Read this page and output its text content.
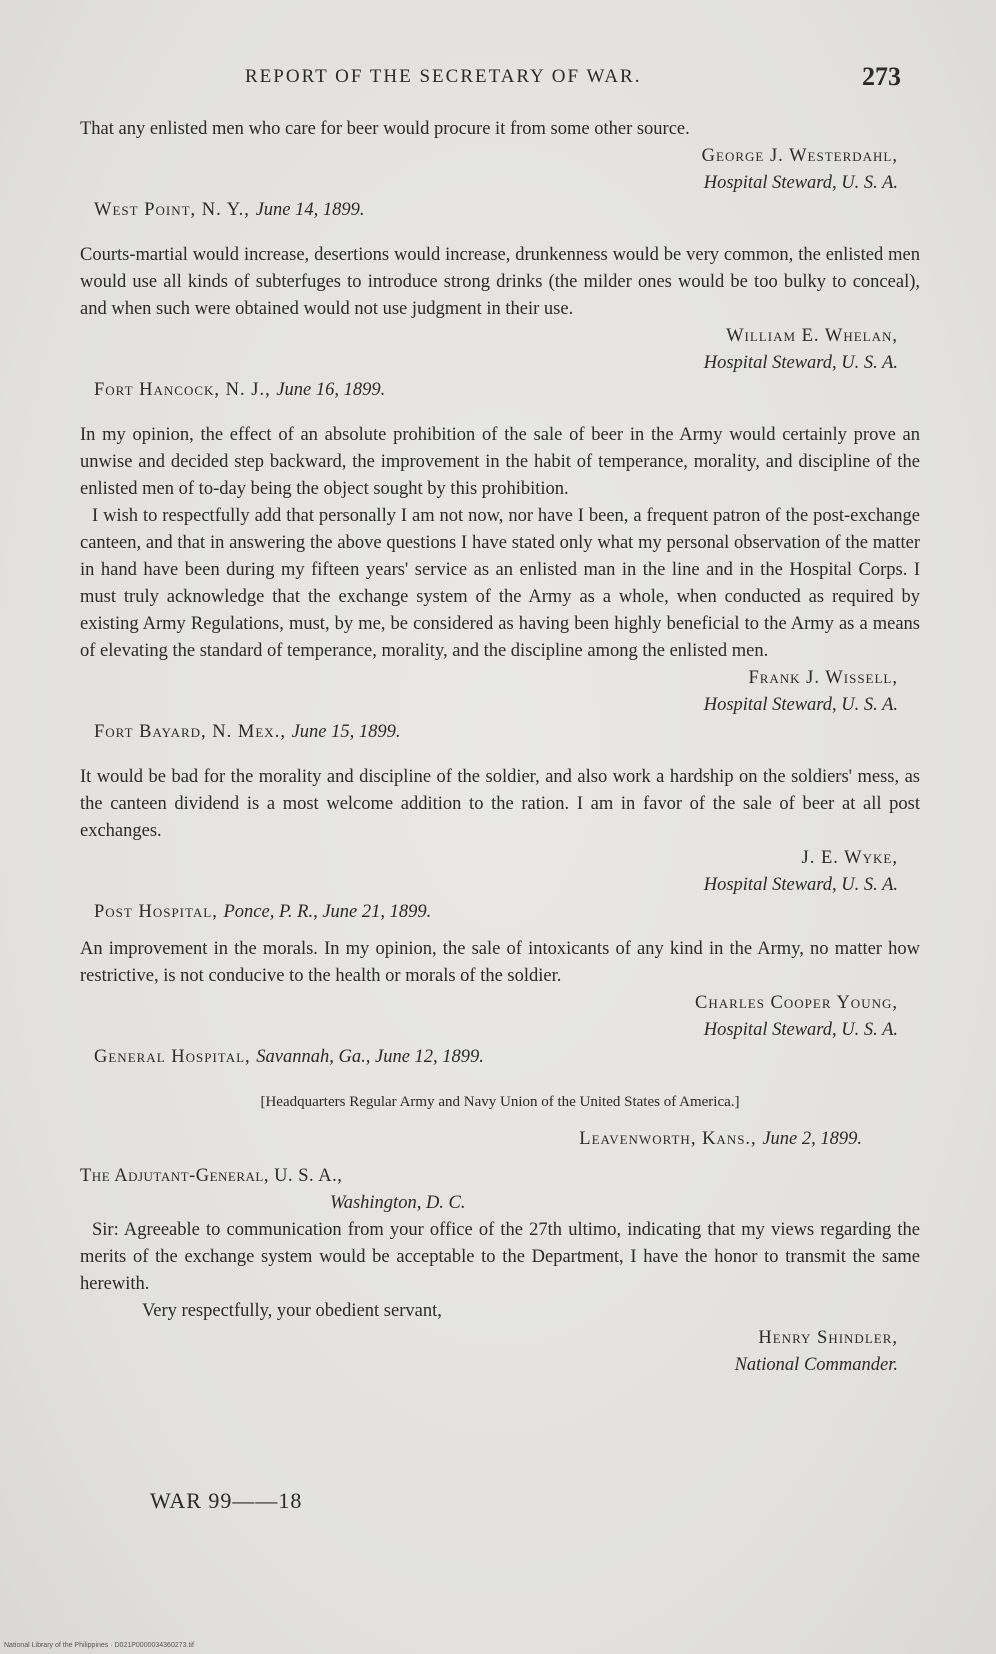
REPORT OF THE SECRETARY OF WAR.	273

That any enlisted men who care for beer would procure it from some other source.

George J. Westerdahl,
Hospital Steward, U. S. A.
West Point, N. Y., June 14, 1899.

Courts-martial would increase, desertions would increase, drunkenness would be very common, the enlisted men would use all kinds of subterfuges to introduce strong drinks (the milder ones would be too bulky to conceal), and when such were obtained would not use judgment in their use.

William E. Whelan,
Hospital Steward, U. S. A.
Fort Hancock, N. J., June 16, 1899.

In my opinion, the effect of an absolute prohibition of the sale of beer in the Army would certainly prove an unwise and decided step backward, the improvement in the habit of temperance, morality, and discipline of the enlisted men of to-day being the object sought by this prohibition.

I wish to respectfully add that personally I am not now, nor have I been, a frequent patron of the post-exchange canteen, and that in answering the above questions I have stated only what my personal observation of the matter in hand have been during my fifteen years' service as an enlisted man in the line and in the Hospital Corps. I must truly acknowledge that the exchange system of the Army as a whole, when conducted as required by existing Army Regulations, must, by me, be considered as having been highly beneficial to the Army as a means of elevating the standard of temperance, morality, and the discipline among the enlisted men.

Frank J. Wissell,
Hospital Steward, U. S. A.
Fort Bayard, N. Mex., June 15, 1899.

It would be bad for the morality and discipline of the soldier, and also work a hardship on the soldiers' mess, as the canteen dividend is a most welcome addition to the ration. I am in favor of the sale of beer at all post exchanges.

J. E. Wyke,
Hospital Steward, U. S. A.
Post Hospital, Ponce, P. R., June 21, 1899.

An improvement in the morals. In my opinion, the sale of intoxicants of any kind in the Army, no matter how restrictive, is not conducive to the health or morals of the soldier.

Charles Cooper Young,
Hospital Steward, U. S. A.
General Hospital, Savannah, Ga., June 12, 1899.
[Headquarters Regular Army and Navy Union of the United States of America.]
Leavenworth, Kans., June 2, 1899.
The Adjutant-General, U. S. A.,
Washington, D. C.

Sir: Agreeable to communication from your office of the 27th ultimo, indicating that my views regarding the merits of the exchange system would be acceptable to the Department, I have the honor to transmit the same herewith.

Very respectfully, your obedient servant,

Henry Shindler,
National Commander.
WAR 99——18
National Library of the Philippines · D021P0000034360273.tif
